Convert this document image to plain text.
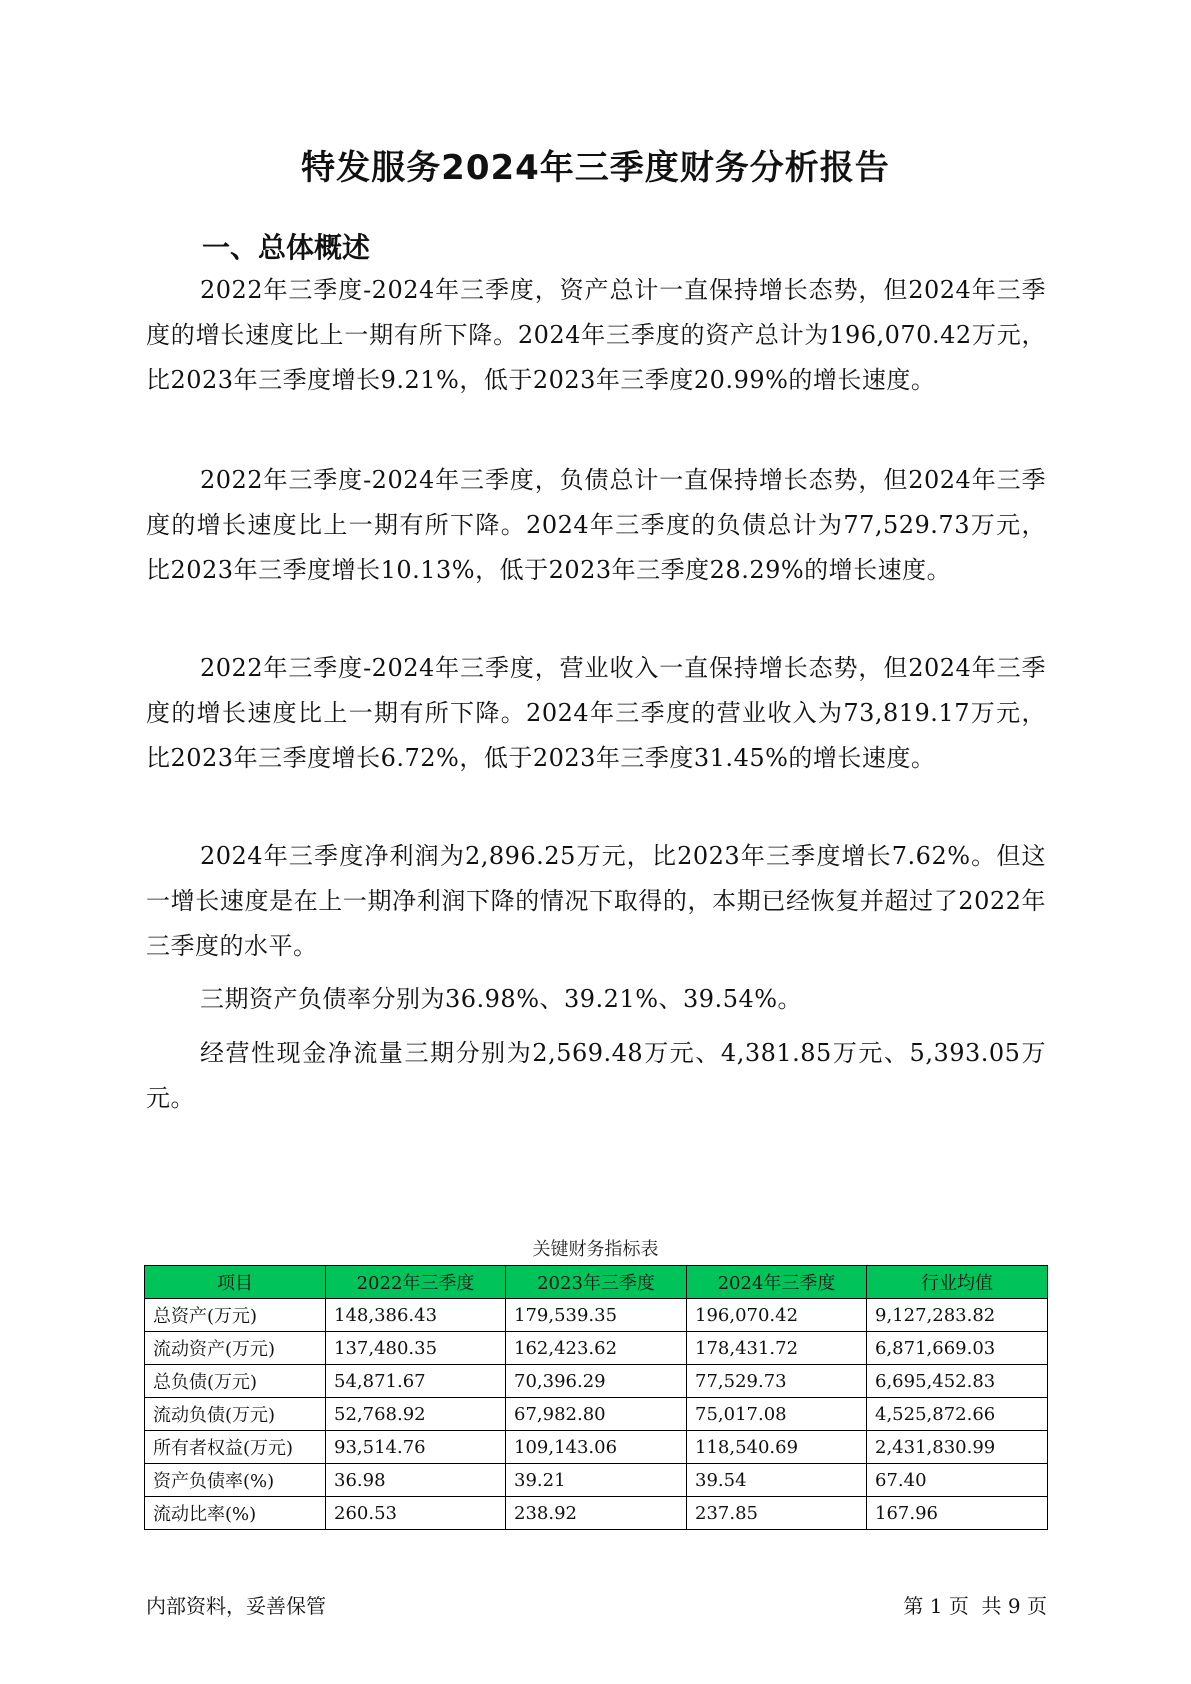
特发服务2024年三季度财务分析报告
一、总体概述

2022年三季度-2024年三季度，资产总计一直保持增长态势，但2024年三季度的增长速度比上一期有所下降。2024年三季度的资产总计为196,070.42万元，比2023年三季度增长9.21%，低于2023年三季度20.99%的增长速度。

2022年三季度-2024年三季度，负债总计一直保持增长态势，但2024年三季度的增长速度比上一期有所下降。2024年三季度的负债总计为77,529.73万元，比2023年三季度增长10.13%，低于2023年三季度28.29%的增长速度。

2022年三季度-2024年三季度，营业收入一直保持增长态势，但2024年三季度的增长速度比上一期有所下降。2024年三季度的营业收入为73,819.17万元，比2023年三季度增长6.72%，低于2023年三季度31.45%的增长速度。

2024年三季度净利润为2,896.25万元，比2023年三季度增长7.62%。但这一增长速度是在上一期净利润下降的情况下取得的，本期已经恢复并超过了2022年三季度的水平。

三期资产负债率分别为36.98%、39.21%、39.54%。

经营性现金净流量三期分别为2,569.48万元、4,381.85万元、5,393.05万元。

关键财务指标表
项目	2022年三季度	2023年三季度	2024年三季度	行业均值
总资产(万元)	148,386.43	179,539.35	196,070.42	9,127,283.82
流动资产(万元)	137,480.35	162,423.62	178,431.72	6,871,669.03
总负债(万元)	54,871.67	70,396.29	77,529.73	6,695,452.83
流动负债(万元)	52,768.92	67,982.80	75,017.08	4,525,872.66
所有者权益(万元)	93,514.76	109,143.06	118,540.69	2,431,830.99
资产负债率(%)	36.98	39.21	39.54	67.40
流动比率(%)	260.53	238.92	237.85	167.96
内部资料，妥善保管	第 1 页  共 9 页
